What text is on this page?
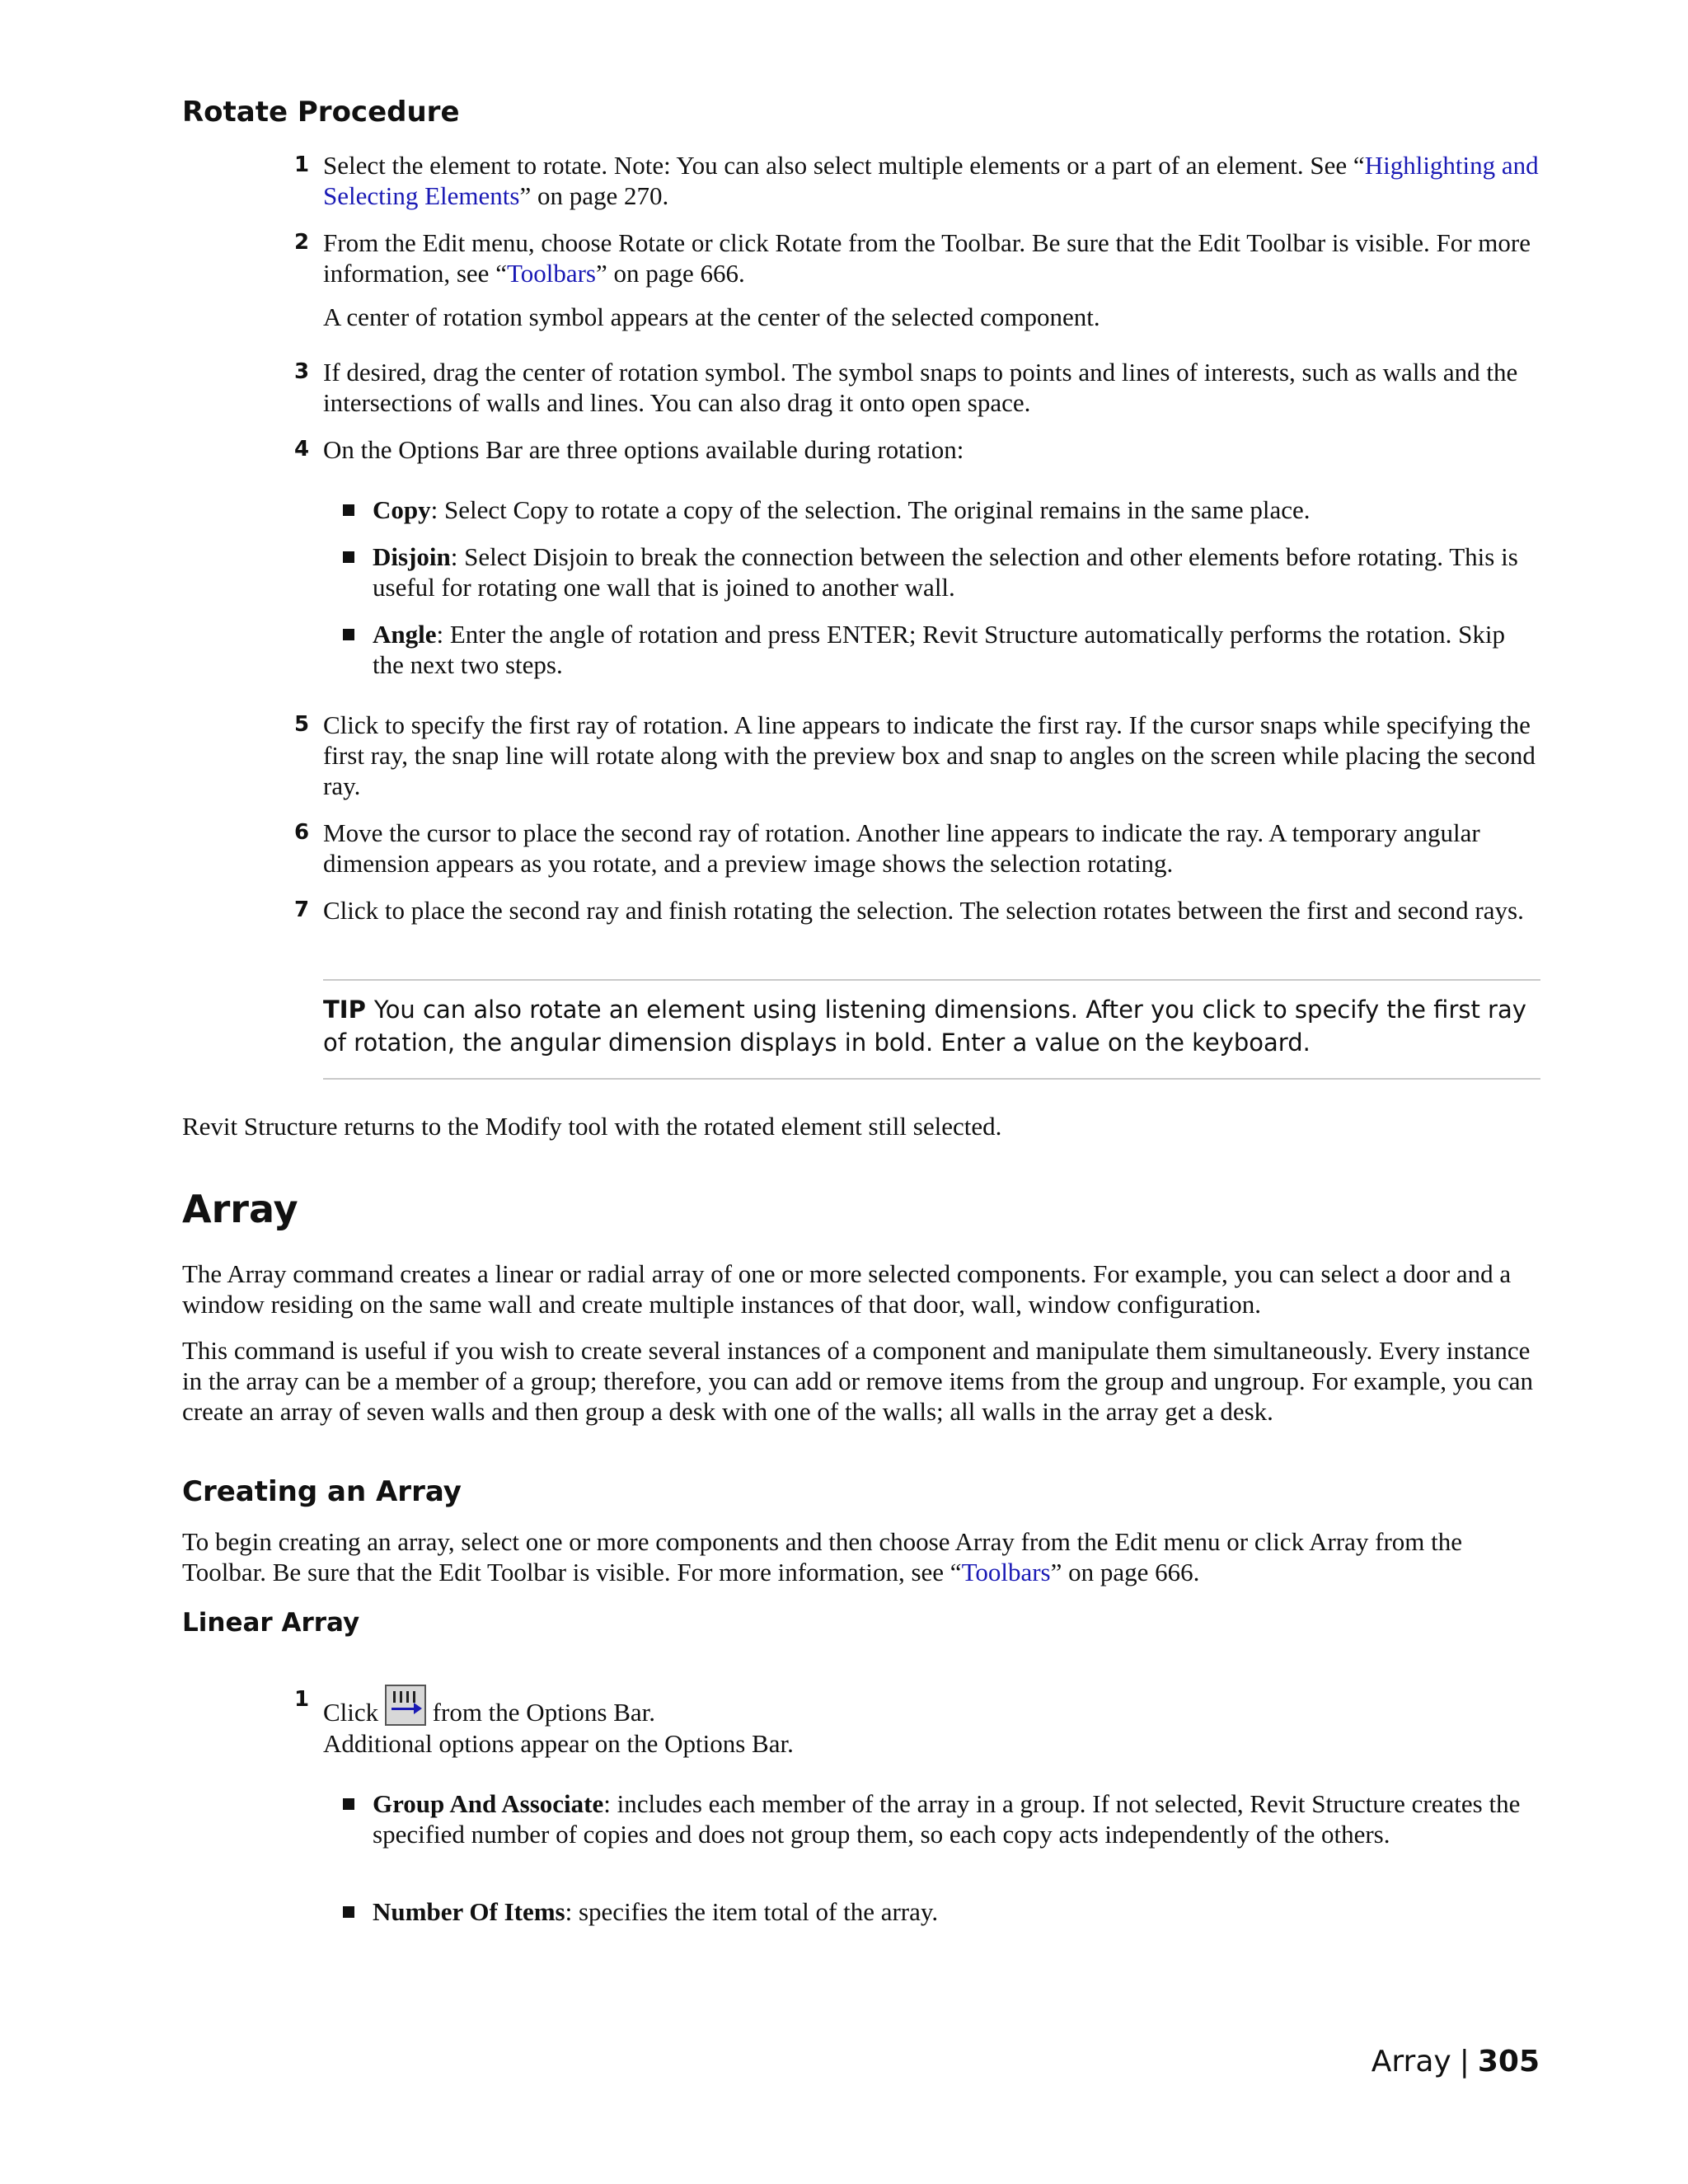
Rotate Procedure
1 Select the element to rotate. Note: You can also select multiple elements or a part of an element. See “Highlighting and Selecting Elements” on page 270.
2 From the Edit menu, choose Rotate or click Rotate from the Toolbar. Be sure that the Edit Toolbar is visible. For more information, see “Toolbars” on page 666.
A center of rotation symbol appears at the center of the selected component.
3 If desired, drag the center of rotation symbol. The symbol snaps to points and lines of interests, such as walls and the intersections of walls and lines. You can also drag it onto open space.
4 On the Options Bar are three options available during rotation:
Copy: Select Copy to rotate a copy of the selection. The original remains in the same place.
Disjoin: Select Disjoin to break the connection between the selection and other elements before rotating. This is useful for rotating one wall that is joined to another wall.
Angle: Enter the angle of rotation and press ENTER; Revit Structure automatically performs the rotation. Skip the next two steps.
5 Click to specify the first ray of rotation. A line appears to indicate the first ray. If the cursor snaps while specifying the first ray, the snap line will rotate along with the preview box and snap to angles on the screen while placing the second ray.
6 Move the cursor to place the second ray of rotation. Another line appears to indicate the ray. A temporary angular dimension appears as you rotate, and a preview image shows the selection rotating.
7 Click to place the second ray and finish rotating the selection. The selection rotates between the first and second rays.
TIP You can also rotate an element using listening dimensions. After you click to specify the first ray of rotation, the angular dimension displays in bold. Enter a value on the keyboard.
Revit Structure returns to the Modify tool with the rotated element still selected.
Array
The Array command creates a linear or radial array of one or more selected components. For example, you can select a door and a window residing on the same wall and create multiple instances of that door, wall, window configuration.
This command is useful if you wish to create several instances of a component and manipulate them simultaneously. Every instance in the array can be a member of a group; therefore, you can add or remove items from the group and ungroup. For example, you can create an array of seven walls and then group a desk with one of the walls; all walls in the array get a desk.
Creating an Array
To begin creating an array, select one or more components and then choose Array from the Edit menu or click Array from the Toolbar. Be sure that the Edit Toolbar is visible. For more information, see “Toolbars” on page 666.
Linear Array
1 Click from the Options Bar.
Additional options appear on the Options Bar.
Group And Associate: includes each member of the array in a group. If not selected, Revit Structure creates the specified number of copies and does not group them, so each copy acts independently of the others.
Number Of Items: specifies the item total of the array.
Array | 305
